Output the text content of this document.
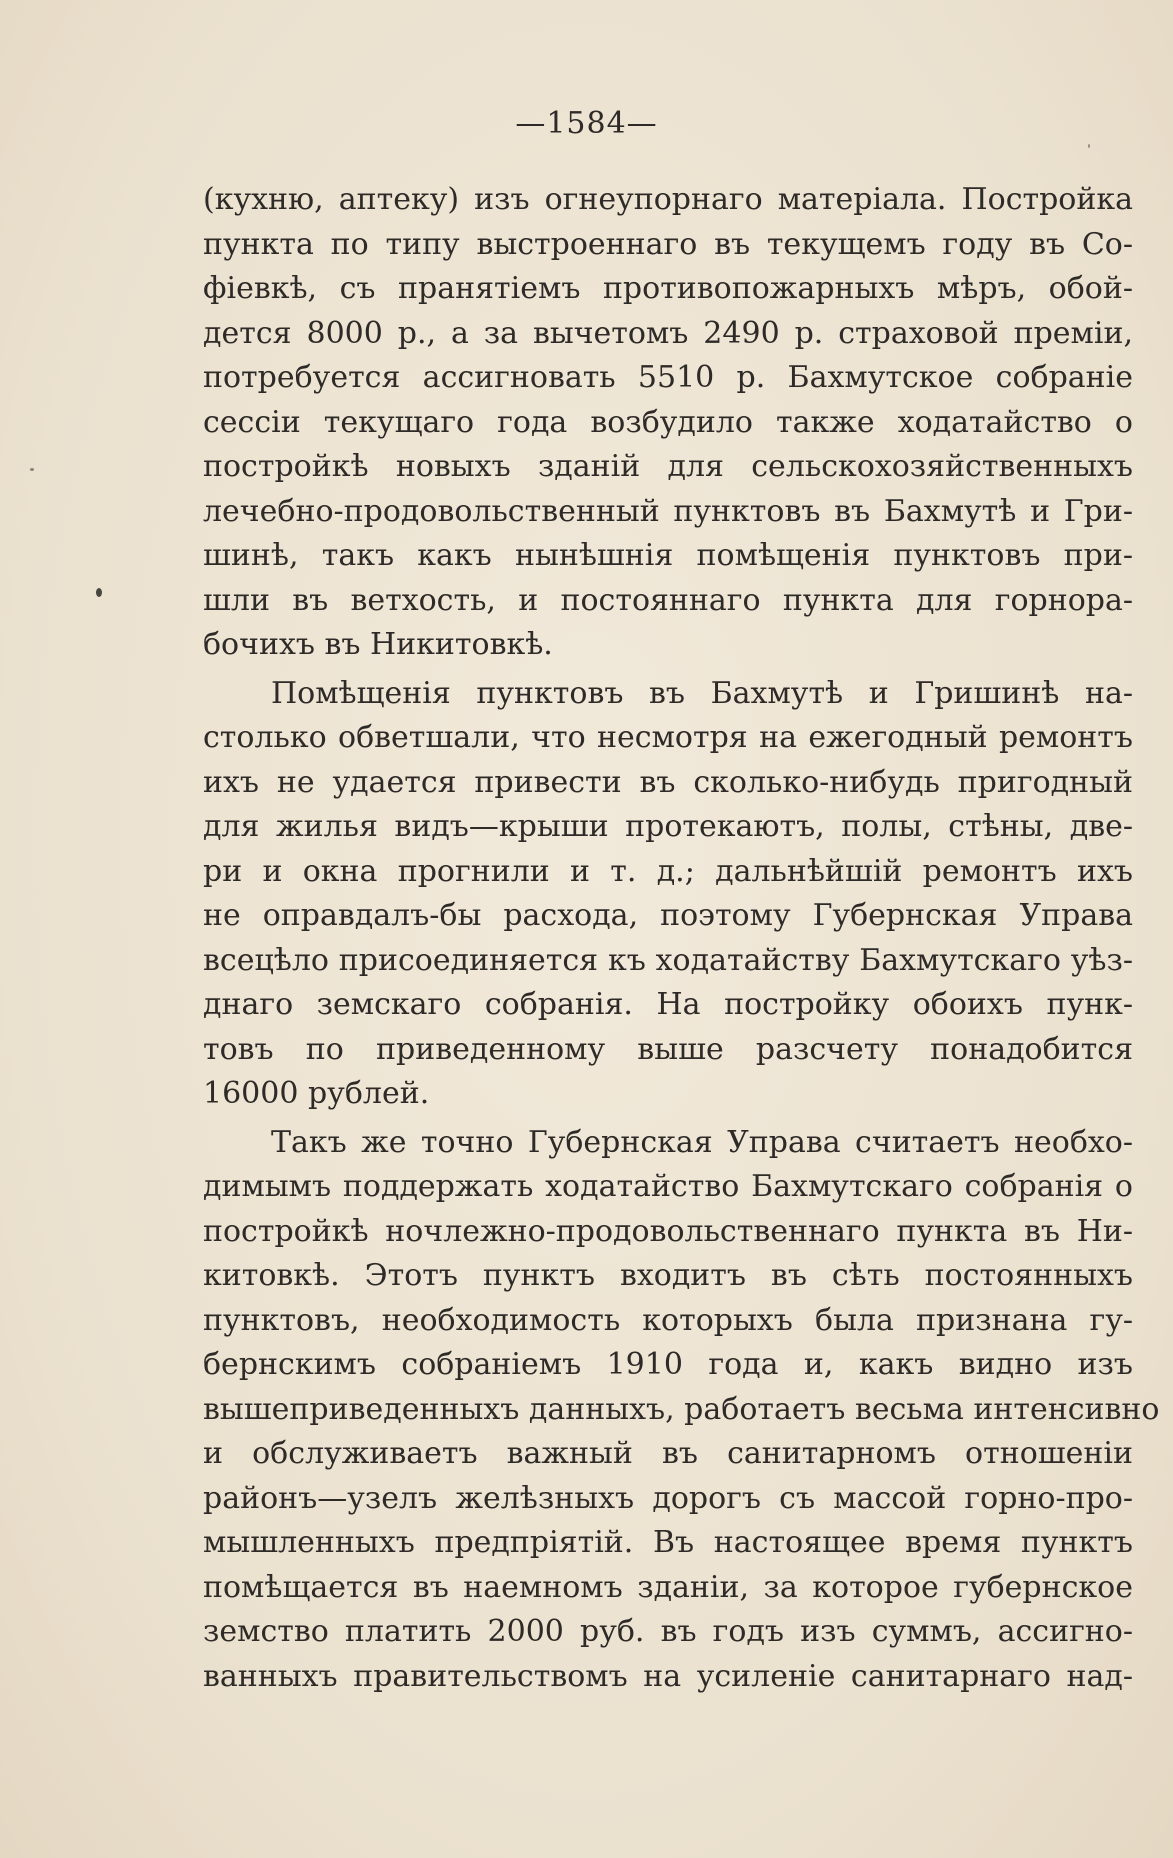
—1584—
(кухню, аптеку) изъ огнеупорнаго матеріала. Постройка
пункта по типу выстроеннаго въ текущемъ году въ Со-
фіевкѣ, съ пранятіемъ противопожарныхъ мѣръ, обой-
дется 8000 р., а за вычетомъ 2490 р. страховой преміи,
потребуется ассигновать 5510 р. Бахмутское собраніе
сессіи текущаго года возбудило также ходатайство о
постройкѣ новыхъ зданій для сельскохозяйственныхъ
лечебно-продовольственный пунктовъ въ Бахмутѣ и Гри-
шинѣ, такъ какъ нынѣшнія помѣщенія пунктовъ при-
шли въ ветхость, и постояннаго пункта для горнора-
бочихъ въ Никитовкѣ.
Помѣщенія пунктовъ въ Бахмутѣ и Гришинѣ на-
столько обветшали, что несмотря на ежегодный ремонтъ
ихъ не удается привести въ сколько-нибудь пригодный
для жилья видъ—крыши протекаютъ, полы, стѣны, две-
ри и окна прогнили и т. д.; дальнѣйшій ремонтъ ихъ
не оправдалъ-бы расхода, поэтому Губернская Управа
всецѣло присоединяется къ ходатайству Бахмутскаго уѣз-
днаго земскаго собранія. На постройку обоихъ пунк-
товъ по приведенному выше разсчету понадобится
16000 рублей.
Такъ же точно Губернская Управа считаетъ необхо-
димымъ поддержать ходатайство Бахмутскаго собранія о
постройкѣ ночлежно-продовольственнаго пункта въ Ни-
китовкѣ. Этотъ пунктъ входитъ въ сѣть постоянныхъ
пунктовъ, необходимость которыхъ была признана гу-
бернскимъ собраніемъ 1910 года и, какъ видно изъ
вышеприведенныхъ данныхъ, работаетъ весьма интенсивно
и обслуживаетъ важный въ санитарномъ отношеніи
районъ—узелъ желѣзныхъ дорогъ съ массой горно-про-
мышленныхъ предпріятій. Въ настоящее время пунктъ
помѣщается въ наемномъ зданіи, за которое губернское
земство платить 2000 руб. въ годъ изъ суммъ, ассигно-
ванныхъ правительствомъ на усиленіе санитарнаго над-
